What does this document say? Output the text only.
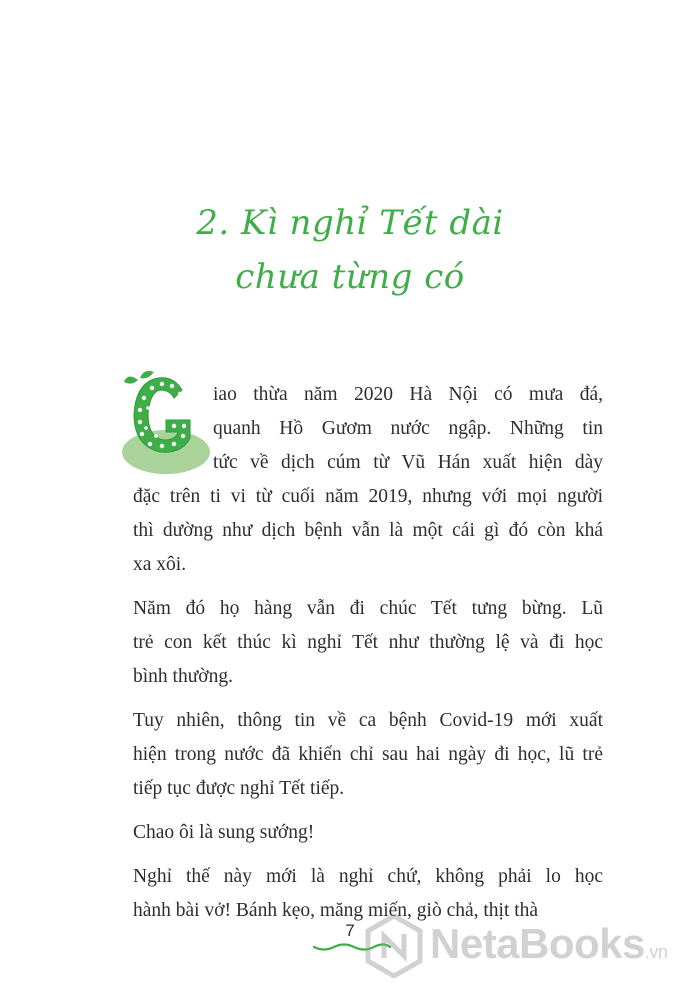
2. Kì nghỉ Tết dài
chưa từng có
iao thừa năm 2020 Hà Nội có mưa đá,
quanh Hồ Gươm nước ngập. Những tin
tức về dịch cúm từ Vũ Hán xuất hiện dày
đặc trên ti vi từ cuối năm 2019, nhưng với mọi người
thì dường như dịch bệnh vẫn là một cái gì đó còn khá
xa xôi.
Năm đó họ hàng vẫn đi chúc Tết tưng bừng. Lũ
trẻ con kết thúc kì nghỉ Tết như thường lệ và đi học
bình thường.
Tuy nhiên, thông tin về ca bệnh Covid-19 mới xuất
hiện trong nước đã khiến chỉ sau hai ngày đi học, lũ trẻ
tiếp tục được nghỉ Tết tiếp.
Chao ôi là sung sướng!
Nghỉ thế này mới là nghỉ chứ, không phải lo học
hành bài vở! Bánh kẹo, măng miến, giò chả, thịt thà
7 NetaBooks.vn
